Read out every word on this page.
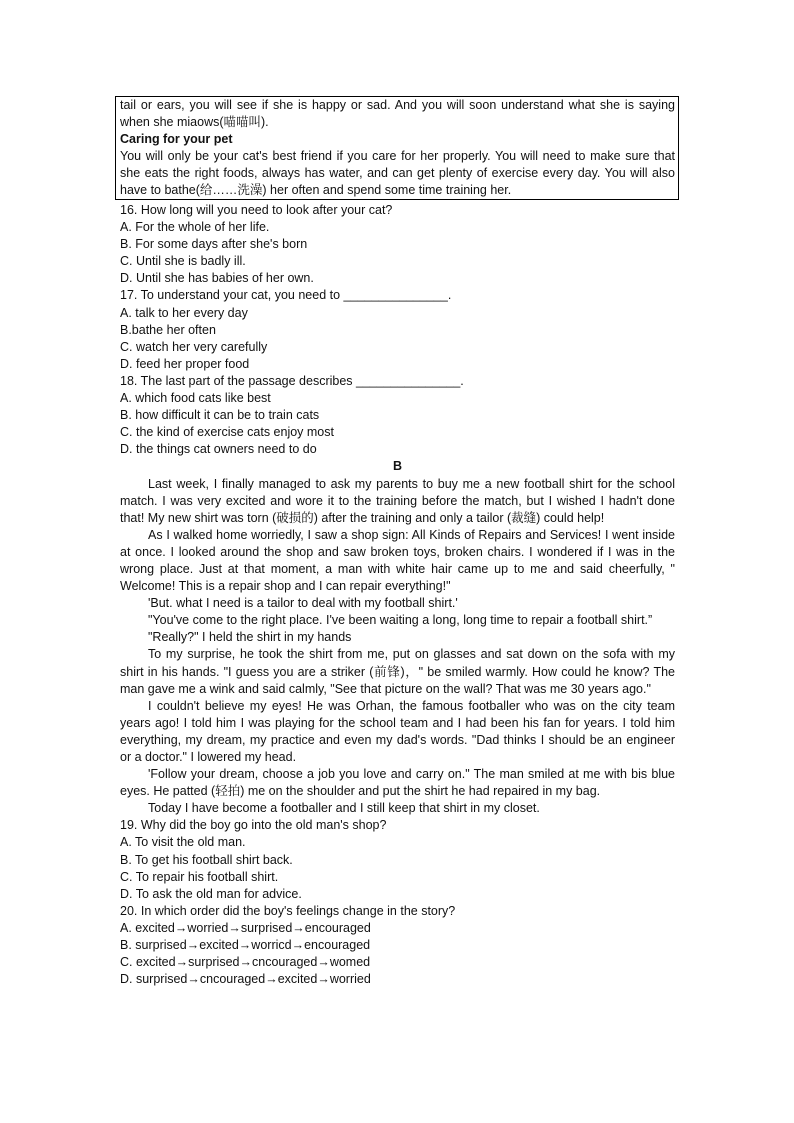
tail or ears, you will see if she is happy or sad. And you will soon understand what she is saying when she miaows(喵喵叫).

Caring for your pet

You will only be your cat's best friend if you care for her properly. You will need to make sure that she eats the right foods, always has water, and can get plenty of exercise every day. You will also have to bathe(给……洗澡) her often and spend some time training her.

16. How long will you need to look after your cat?

A. For the whole of her life.

B. For some days after she's born

C. Until she is badly ill.

D. Until she has babies of her own.

17. To understand your cat, you need to _______________.

A. talk to her every day

B.bathe her often

C. watch her very carefully

D. feed her proper food

18. The last part of the passage describes _______________.

A. which food cats like best

B. how difficult it can be to train cats

C. the kind of exercise cats enjoy most

D. the things cat owners need to do

B

Last week, I finally managed to ask my parents to buy me a new football shirt for the school match. I was very excited and wore it to the training before the match, but I wished I hadn't done that! My new shirt was torn (破损的) after the training and only a tailor (裁缝) could help!

As I walked home worriedly, I saw a shop sign: All Kinds of Repairs and Services! I went inside at once. I looked around the shop and saw broken toys, broken chairs. I wondered if I was in the wrong place. Just at that moment, a man with white hair came up to me and said cheerfully, " Welcome! This is a repair shop and I can repair everything!"

'But. what I need is a tailor to deal with my football shirt.'

"You've come to the right place. I've been waiting a long, long time to repair a football shirt.”

"Really?" I held the shirt in my hands

To my surprise, he took the shirt from me, put on glasses and sat down on the sofa with my shirt in his hands. "I guess you are a striker (前锋)，" be smiled warmly. How could he know? The man gave me a wink and said calmly, "See that picture on the wall? That was me 30 years ago."

I couldn't believe my eyes! He was Orhan, the famous footballer who was on the city team years ago! I told him I was playing for the school team and I had been his fan for years. I told him everything, my dream, my practice and even my dad's words. "Dad thinks I should be an engineer or a doctor." I lowered my head.

'Follow your dream, choose a job you love and carry on." The man smiled at me with bis blue eyes. He patted (轻拍) me on the shoulder and put the shirt he had repaired in my bag.

Today I have become a footballer and I still keep that shirt in my closet.

19. Why did the boy go into the old man's shop?

A. To visit the old man.

B. To get his football shirt back.

C. To repair his football shirt.

D. To ask the old man for advice.

20. In which order did the boy's feelings change in the story?

A. excited→worried→surprised→encouraged

B. surprised→excited→worricd→encouraged

C. excited→surprised→cncouraged→womed

D. surprised→cncouraged→excited→worried
